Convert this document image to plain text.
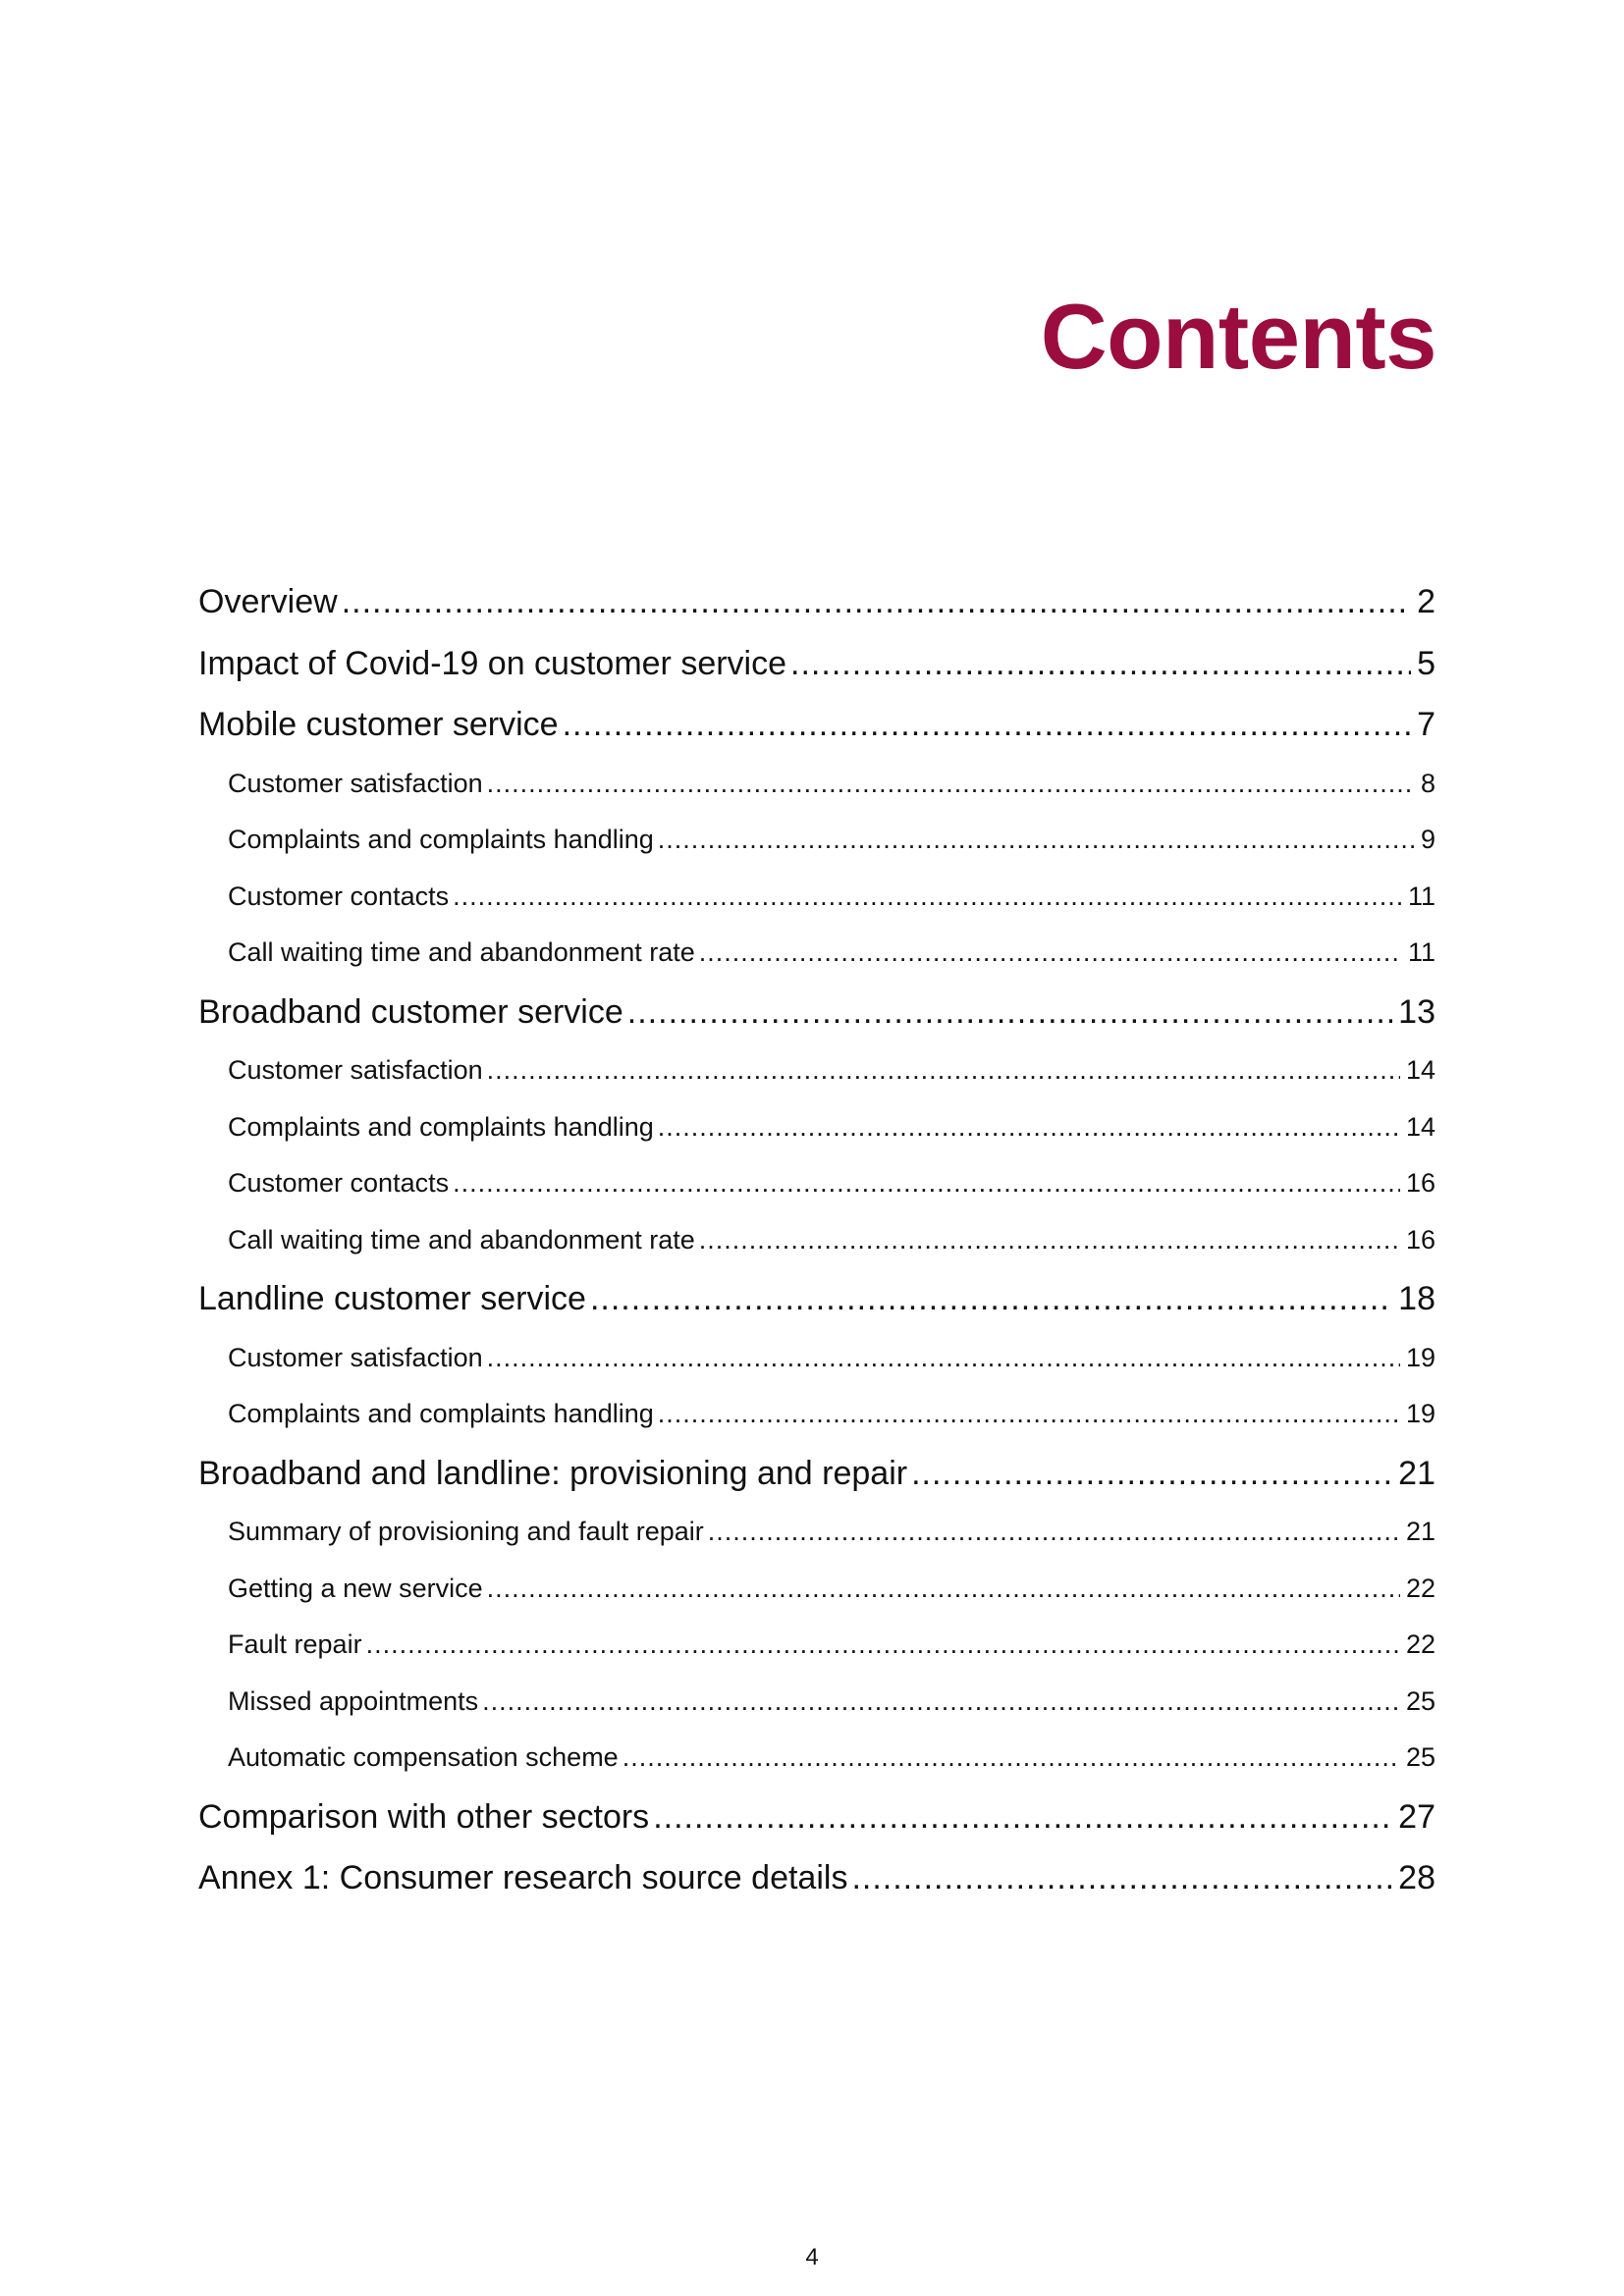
Contents
Overview .....	2
Impact of Covid-19 on customer service .....	5
Mobile customer service .....	7
Customer satisfaction .....	8
Complaints and complaints handling .....	9
Customer contacts .....	11
Call waiting time and abandonment rate .....	11
Broadband customer service .....	13
Customer satisfaction .....	14
Complaints and complaints handling .....	14
Customer contacts .....	16
Call waiting time and abandonment rate .....	16
Landline customer service .....	18
Customer satisfaction .....	19
Complaints and complaints handling .....	19
Broadband and landline: provisioning and repair .....	21
Summary of provisioning and fault repair .....	21
Getting a new service .....	22
Fault repair .....	22
Missed appointments .....	25
Automatic compensation scheme .....	25
Comparison with other sectors .....	27
Annex 1: Consumer research source details .....	28
4
